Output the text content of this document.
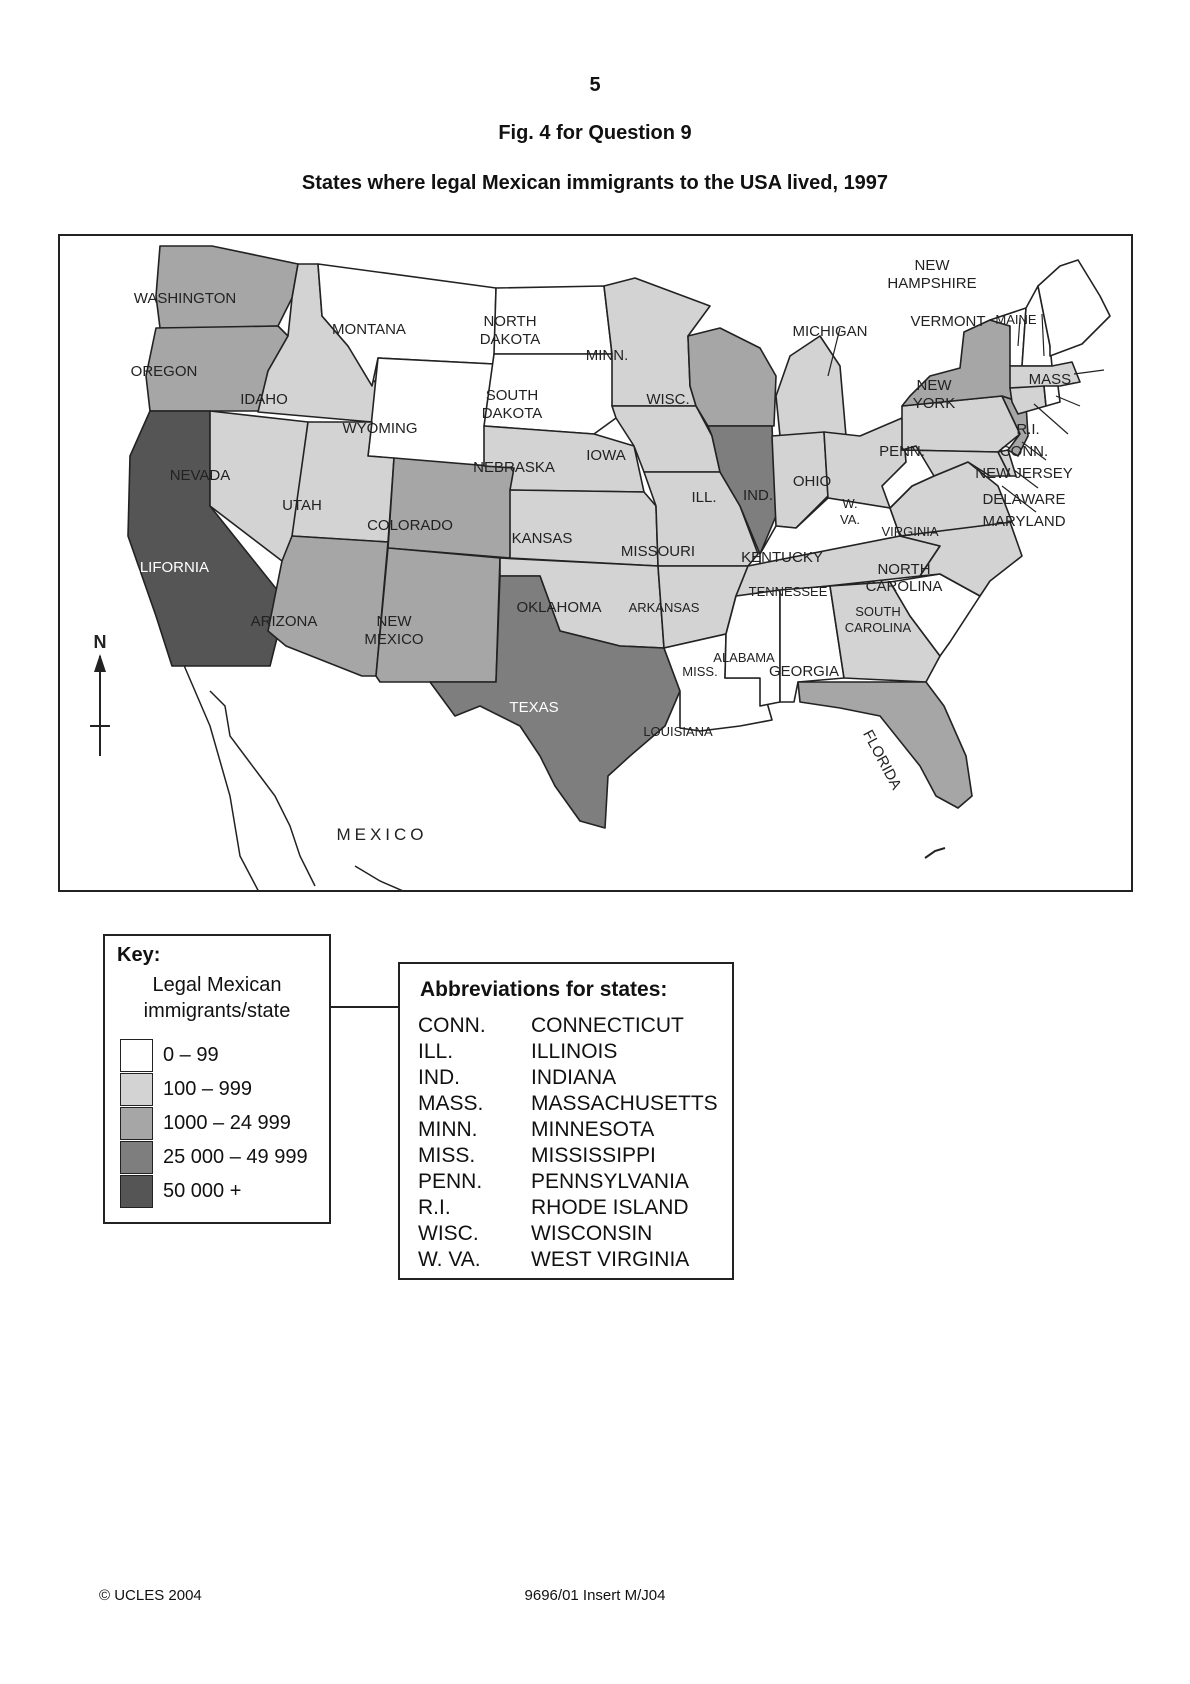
5
Fig. 4 for Question 9
States where legal Mexican immigrants to the USA lived, 1997
N
WASHINGTON
OREGON
CALIFORNIA
IDAHO
NEVADA
MONTANA
WYOMING
UTAH
COLORADO
ARIZONA	NEW
MEXICO
NORTH
DAKOTA
SOUTH
DAKOTA
NEBRASKA
KANSAS
OKLAHOMA
TEXAS
MINN.
IOWA
MISSOURI
ARKANSAS
LOUISIANA
WISC.
ILL.
MICHIGAN
IND.
OHIO
KENTUCKY
TENNESSEE
MISS.
ALABAMA
GEORGIA
FLORIDA
SOUTH
CAROLINA
NORTH
CAROLINA
VIRGINIA
W.
VA.
PENN.
NEW
YORK
VERMONT
NEW
HAMPSHIRE
MAINE
MASS.
R.I.
CONN.
NEW JERSEY
DELAWARE
MARYLAND
MEXICO
Key:
Legal Mexican
immigrants/state
0 – 99
100 – 999
1000 – 24 999
25 000 – 49 999
50 000 +
Abbreviations for states:
CONN. CONNECTICUT
ILL.	ILLINOIS
IND.	INDIANA
MASS. MASSACHUSETTS
MINN.	MINNESOTA
MISS.	MISSISSIPPI
PENN. PENNSYLVANIA
R.I.	RHODE ISLAND
WISC. WISCONSIN
W. VA. WEST VIRGINIA
© UCLES 2004	9696/01 Insert M/J04
